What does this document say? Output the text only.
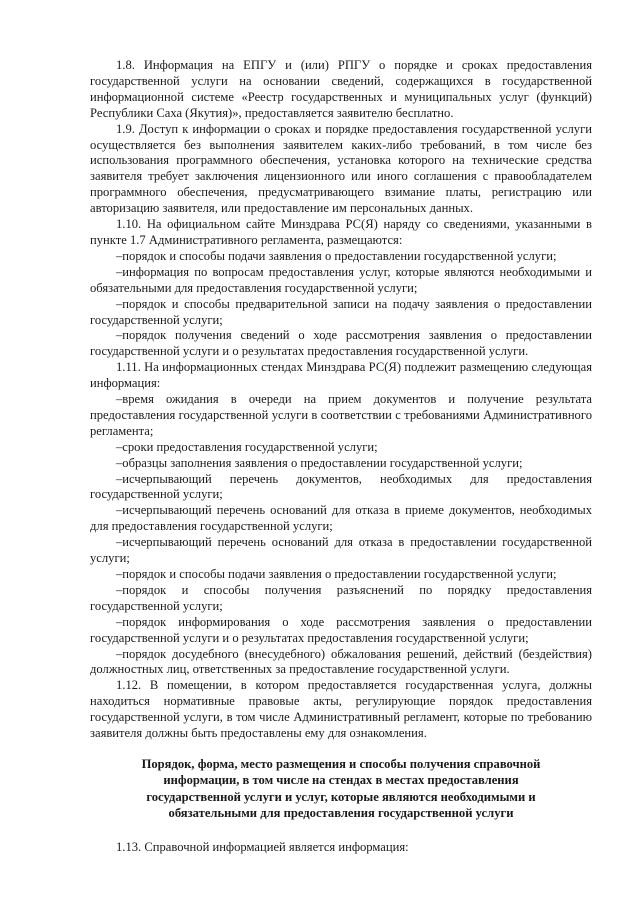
1.8. Информация на ЕПГУ и (или) РПГУ о порядке и сроках предоставления государственной услуги на основании сведений, содержащихся в государственной информационной системе «Реестр государственных и муниципальных услуг (функций) Республики Саха (Якутия)», предоставляется заявителю бесплатно.

1.9. Доступ к информации о сроках и порядке предоставления государственной услуги осуществляется без выполнения заявителем каких-либо требований, в том числе без использования программного обеспечения, установка которого на технические средства заявителя требует заключения лицензионного или иного соглашения с правообладателем программного обеспечения, предусматривающего взимание платы, регистрацию или авторизацию заявителя, или предоставление им персональных данных.

1.10. На официальном сайте Минздрава РС(Я) наряду со сведениями, указанными в пункте 1.7 Административного регламента, размещаются:

–порядок и способы подачи заявления о предоставлении государственной услуги;

–информация по вопросам предоставления услуг, которые являются необходимыми и обязательными для предоставления государственной услуги;

–порядок и способы предварительной записи на подачу заявления о предоставлении государственной услуги;

–порядок получения сведений о ходе рассмотрения заявления о предоставлении государственной услуги и о результатах предоставления государственной услуги.

1.11. На информационных стендах Минздрава РС(Я) подлежит размещению следующая информация:

–время ожидания в очереди на прием документов и получение результата предоставления государственной услуги в соответствии с требованиями Административного регламента;

–сроки предоставления государственной услуги;

–образцы заполнения заявления о предоставлении государственной услуги;

–исчерпывающий перечень документов, необходимых для предоставления государственной услуги;

–исчерпывающий перечень оснований для отказа в приеме документов, необходимых для предоставления государственной услуги;

–исчерпывающий перечень оснований для отказа в предоставлении государственной услуги;

–порядок и способы подачи заявления о предоставлении государственной услуги;

–порядок и способы получения разъяснений по порядку предоставления государственной услуги;

–порядок информирования о ходе рассмотрения заявления о предоставлении государственной услуги и о результатах предоставления государственной услуги;

–порядок досудебного (внесудебного) обжалования решений, действий (бездействия) должностных лиц, ответственных за предоставление государственной услуги.

1.12. В помещении, в котором предоставляется государственная услуга, должны находиться нормативные правовые акты, регулирующие порядок предоставления государственной услуги, в том числе Административный регламент, которые по требованию заявителя должны быть предоставлены ему для ознакомления.

Порядок, форма, место размещения и способы получения справочной информации, в том числе на стендах в местах предоставления государственной услуги и услуг, которые являются необходимыми и обязательными для предоставления государственной услуги

1.13. Справочной информацией является информация:
